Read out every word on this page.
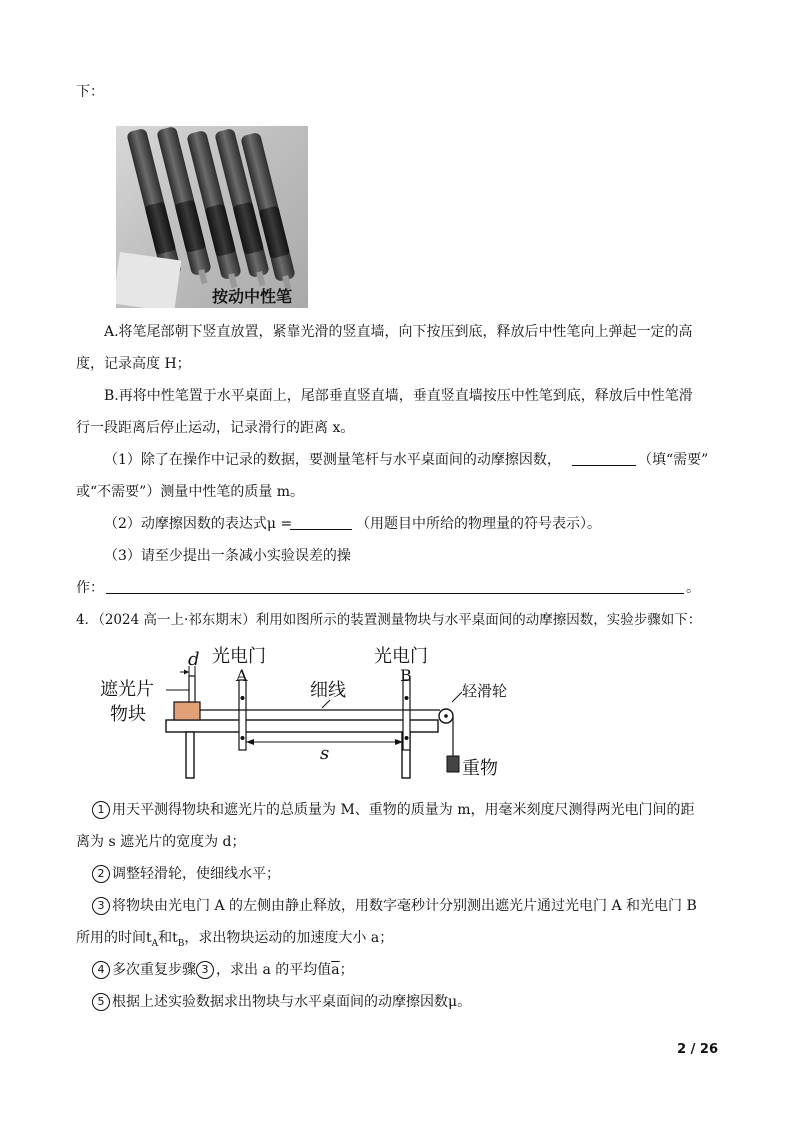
下：
按动中性笔
A.将笔尾部朝下竖直放置，紧靠光滑的竖直墙，向下按压到底，释放后中性笔向上弹起一定的高
度，记录高度 H；
B.再将中性笔置于水平桌面上，尾部垂直竖直墙，垂直竖直墙按压中性笔到底，释放后中性笔滑
行一段距离后停止运动，记录滑行的距离 x。
（1）除了在操作中记录的数据，要测量笔杆与水平桌面间的动摩擦因数，	（填“需要”
或“不需要”）测量中性笔的质量 m。
（2）动摩擦因数的表达式μ =	（用题目中所给的物理量的符号表示）。
（3）请至少提出一条减小实验误差的操
作：	。
4．（2024 高一上·祁东期末）利用如图所示的装置测量物块与水平桌面间的动摩擦因数，实验步骤如下：
光电门
A
光电门
B
d
遮光片
物块
细线	轻滑轮
s
重物
1 用天平测得物块和遮光片的总质量为 M、重物的质量为 m，用毫米刻度尺测得两光电门间的距
离为 s 遮光片的宽度为 d；
2 调整轻滑轮，使细线水平；
3 将物块由光电门 A 的左侧由静止释放，用数字毫秒计分别测出遮光片通过光电门 A 和光电门 B
所用的时间$t_A$和$t_B$，求出物块运动的加速度大小 a；
4 多次重复步骤 3 ，求出 a 的平均值$\overline{a}$；
5 根据上述实验数据求出物块与水平桌面间的动摩擦因数μ。
2 / 26
